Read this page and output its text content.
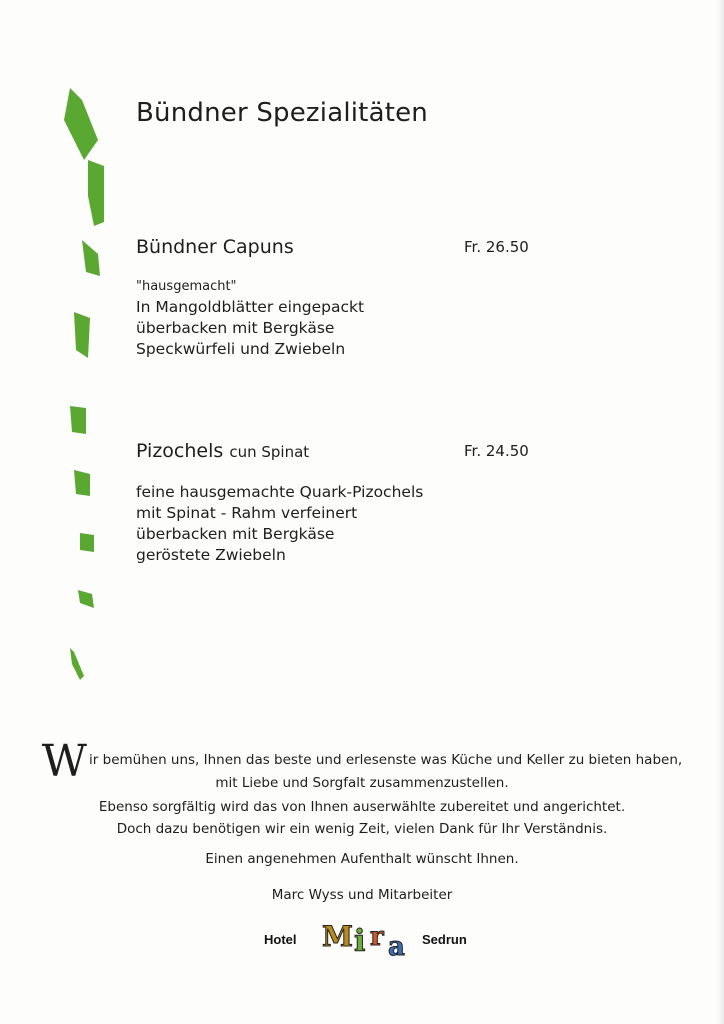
Bündner Spezialitäten
Bündner Capuns	Fr. 26.50
"hausgemacht"
In Mangoldblätter eingepackt
überbacken mit Bergkäse
Speckwürfeli und Zwiebeln
Pizochels cun Spinat	Fr. 24.50
feine hausgemachte Quark-Pizochels
mit Spinat - Rahm verfeinert
überbacken mit Bergkäse
geröstete Zwiebeln
Wir bemühen uns, Ihnen das beste und erlesenste was Küche und Keller zu bieten haben,
mit Liebe und Sorgfalt zusammenzustellen.
Ebenso sorgfältig wird das von Ihnen auserwählte zubereitet und angerichtet.
Doch dazu benötigen wir ein wenig Zeit, vielen Dank für Ihr Verständnis.
Einen angenehmen Aufenthalt wünscht Ihnen.
Marc Wyss und Mitarbeiter
Hotel M i r a Sedrun
